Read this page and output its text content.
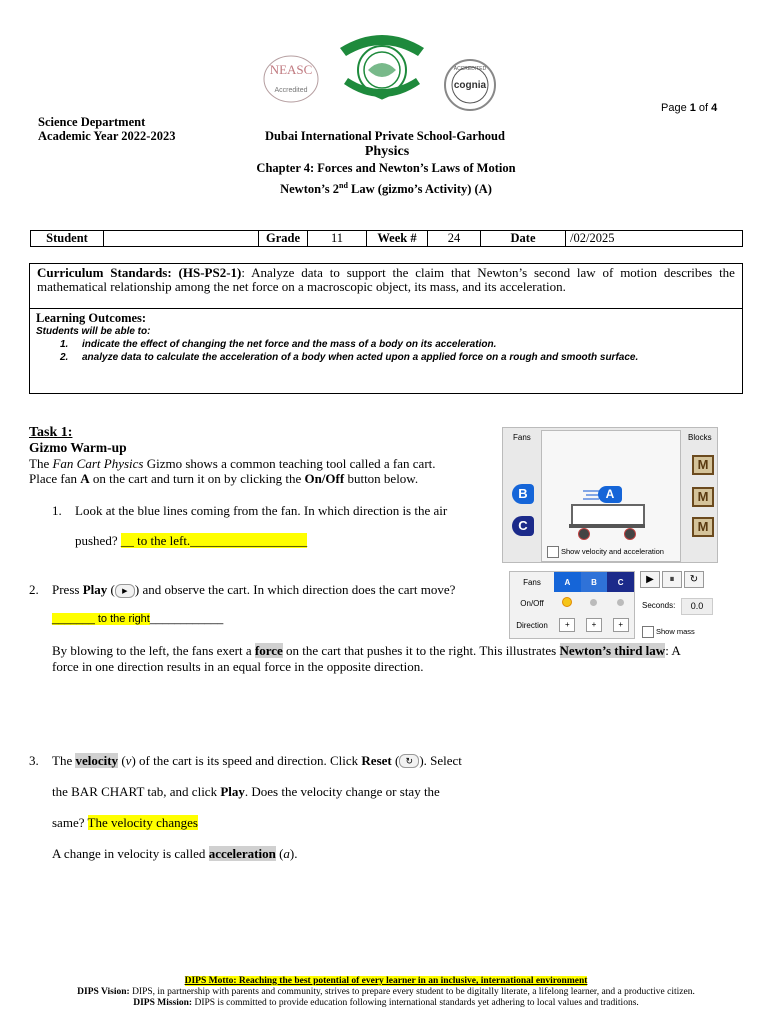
NEASC
Accredited	cognia
ACCREDITED
Page 1 of 4
Science Department
Academic Year 2022-2023	Dubai International Private School-Garhoud
Physics
Chapter 4: Forces and Newton’s Laws of Motion
Newton’s 2nd Law (gizmo’s Activity) (A)
Student		Grade	11	Week #	24	Date	/02/2025
Curriculum Standards: (HS-PS2-1): Analyze data to support the claim that Newton’s second law of motion describes the mathematical relationship among the net force on a macroscopic object, its mass, and its acceleration.
Learning Outcomes:
Students will be able to:
1. indicate the effect of changing the net force and the mass of a body on its acceleration.
2. analyze data to calculate the acceleration of a body when acted upon a applied force on a rough and smooth surface.
Task 1:
Gizmo Warm-up
The Fan Cart Physics Gizmo shows a common teaching tool called a fan cart.
Place fan A on the cart and turn it on by clicking the On/Off button below.
1. Look at the blue lines coming from the fan. In which direction is the air
pushed? __ to the left.__________________
2. Press Play ( ▶ ) and observe the cart. In which direction does the cart move?
_______ to the right____________
By blowing to the left, the fans exert a force on the cart that pushes it to the right. This illustrates Newton’s third law: A
force in one direction results in an equal force in the opposite direction.
3. The velocity (v) of the cart is its speed and direction. Click Reset ( ↻ ). Select
the BAR CHART tab, and click Play. Does the velocity change or stay the
same? The velocity changes
A change in velocity is called acceleration (a).
Fans	Blocks
B
C
M
M
M
A
Show velocity and acceleration
Fans	A	B	C
On/Off			
Direction	+	+	+
▶	⏸	↻
Seconds:	0.0
Show mass
DIPS Motto: Reaching the best potential of every learner in an inclusive, international environment
DIPS Vision: DIPS, in partnership with parents and community, strives to prepare every student to be digitally literate, a lifelong learner, and a productive citizen.
DIPS Mission: DIPS is committed to provide education following international standards yet adhering to local values and traditions.
